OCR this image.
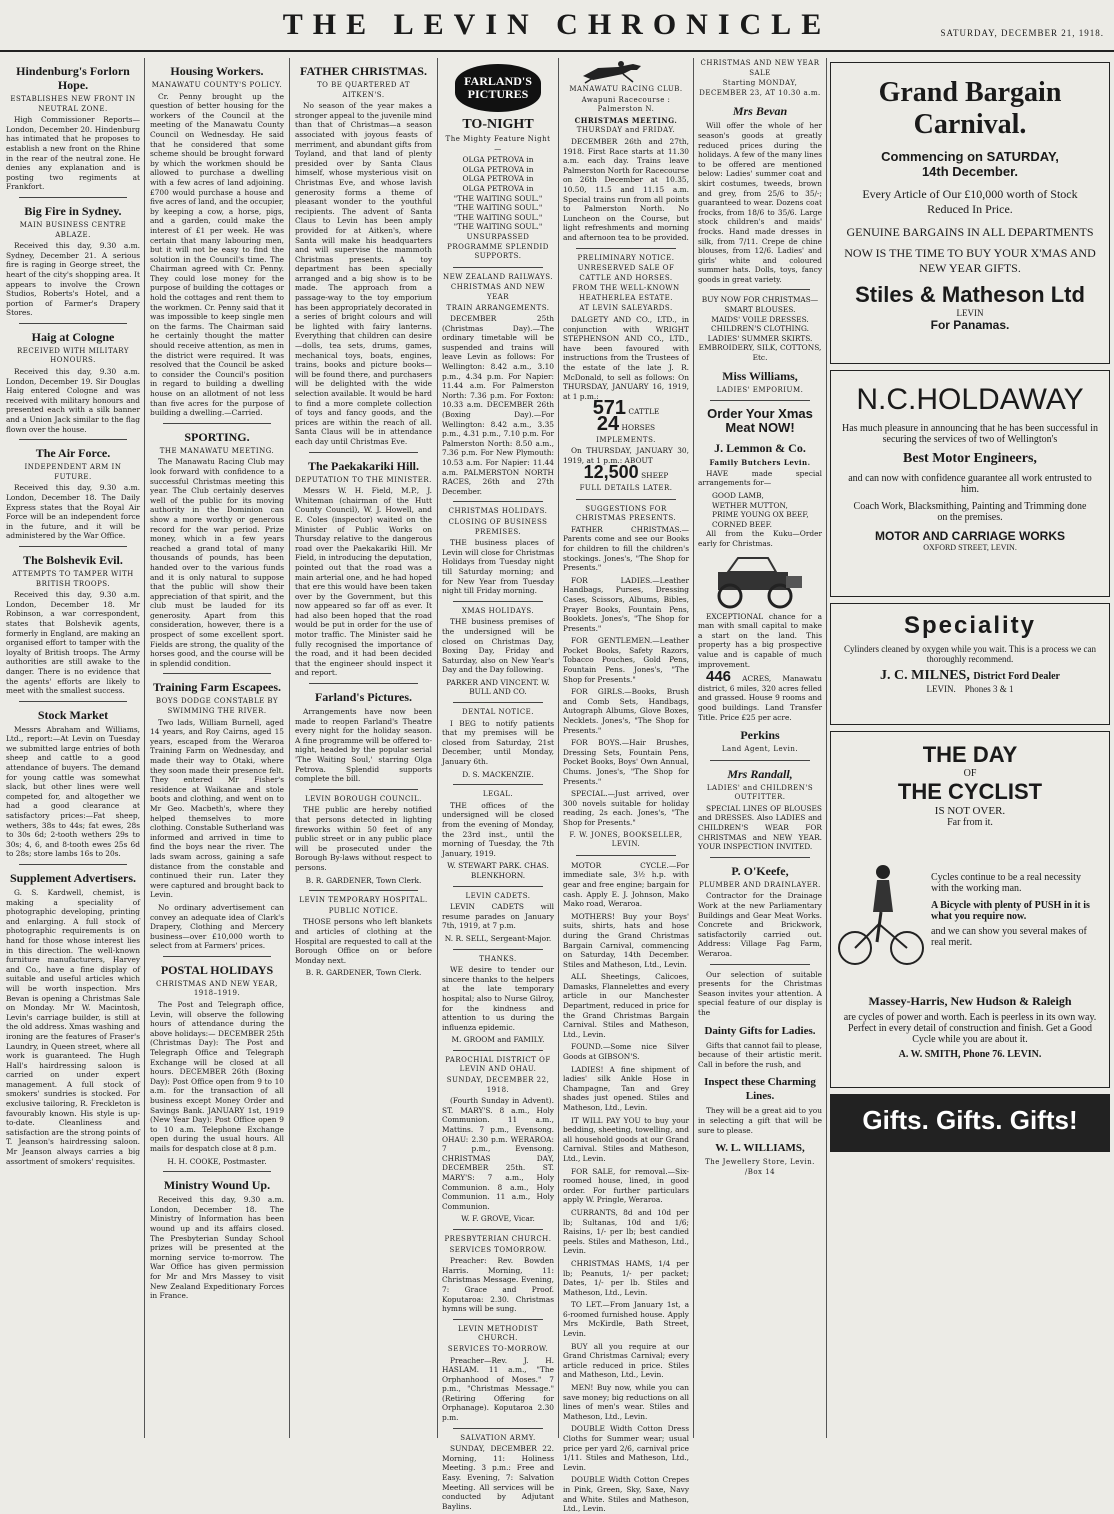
THE LEVIN CHRONICLE	SATURDAY, DECEMBER 21, 1918.
Hindenburg's Forlorn Hope.
ESTABLISHES NEW FRONT IN NEUTRAL ZONE.
High Commissioner Reports— London, December 20. Hindenburg has intimated that he proposes to establish a new front on the Rhine in the rear of the neutral zone. He denies any explanation and is posting two regiments at Frankfort.
Big Fire in Sydney.
MAIN BUSINESS CENTRE ABLAZE.
Received this day, 9.30 a.m. Sydney, December 21. A serious fire is raging in George street, the heart of the city's shopping area. It appears to involve the Crown Studios, Roberts's Hotel, and a portion of Farmer's Drapery Stores.
Haig at Cologne
RECEIVED WITH MILITARY HONOURS.
Received this day, 9.30 a.m. London, December 19. Sir Douglas Haig entered Cologne and was received with military honours and presented each with a silk banner and a Union Jack similar to the flag flown over the house.
The Air Force.
INDEPENDENT ARM IN FUTURE.
Received this day, 9.30 a.m. London, December 18. The Daily Express states that the Royal Air Force will be an independent force in the future, and it will be administered by the War Office.
The Bolshevik Evil.
ATTEMPTS TO TAMPER WITH BRITISH TROOPS.
Received this day, 9.30 a.m. London, December 18. Mr Robinson, a war correspondent, states that Bolshevik agents, formerly in England, are making an organised effort to tamper with the loyalty of British troops. The Army authorities are still awake to the danger. There is no evidence that the agents' efforts are likely to meet with the smallest success.
Stock Market
Messrs Abraham and Williams, Ltd., report:—At Levin on Tuesday we submitted large entries of both sheep and cattle to a good attendance of buyers. The demand for young cattle was somewhat slack, but other lines were well competed for, and altogether we had a good clearance at satisfactory prices:—Fat sheep, wethers, 38s to 44s; fat ewes, 28s to 30s 6d; 2-tooth wethers 29s to 30s; 4, 6, and 8-tooth ewes 25s 6d to 28s; store lambs 16s to 20s.
Supplement Advertisers.
G. S. Kardwell, chemist, is making a speciality of photographic developing, printing and enlarging. A full stock of photographic requirements is on hand for those whose interest lies in this direction. The well-known furniture manufacturers, Harvey and Co., have a fine display of suitable and useful articles which will be worth inspection. Mrs Bevan is opening a Christmas Sale on Monday. Mr W. Macintosh, Levin's carriage builder, is still at the old address. Xmas washing and ironing are the features of Fraser's Laundry, in Queen street, where all work is guaranteed. The Hugh Hall's hairdressing saloon is carried on under expert management. A full stock of smokers' sundries is stocked. For exclusive tailoring, R. Freckleton is favourably known. His style is up-to-date. Cleanliness and satisfaction are the strong points of T. Jeanson's hairdressing saloon. Mr Jeanson always carries a big assortment of smokers' requisites.
Housing Workers.
MANAWATU COUNTY'S POLICY.
Cr. Penny brought up the question of better housing for the workers of the Council at the meeting of the Manawatu County Council on Wednesday. He said that he considered that some scheme should be brought forward by which the workmen should be allowed to purchase a dwelling with a few acres of land adjoining. £700 would purchase a house and five acres of land, and the occupier, by keeping a cow, a horse, pigs, and a garden, could make the interest of £1 per week. He was certain that many labouring men, but it will not be easy to find the solution in the Council's time. The Chairman agreed with Cr. Penny. They could lose money for the purpose of building the cottages or hold the cottages and rent them to the workmen. Cr. Penny said that it was impossible to keep single men on the farms. The Chairman said he certainly thought the matter should receive attention, as men in the district were required. It was resolved that the Council be asked to consider the Council's position in regard to building a dwelling house on an allotment of not less than five acres for the purpose of building a dwelling.—Carried.
SPORTING.
THE MANAWATU MEETING.
The Manawatu Racing Club may look forward with confidence to a successful Christmas meeting this year. The Club certainly deserves well of the public for its moving authority in the Dominion can show a more worthy or generous record for the war period. Prize money, which in a few years reached a grand total of many thousands of pounds, has been handed over to the various funds and it is only natural to suppose that the public will show their appreciation of that spirit, and the club must be lauded for its generosity. Apart from this consideration, however, there is a prospect of some excellent sport. Fields are strong, the quality of the horses good, and the course will be in splendid condition.
Training Farm Escapees.
BOYS DODGE CONSTABLE BY SWIMMING THE RIVER.
Two lads, William Burnell, aged 14 years, and Roy Cairns, aged 15 years, escaped from the Weraroa Training Farm on Wednesday, and made their way to Otaki, where they soon made their presence felt. They entered Mr Fisher's residence at Waikanae and stole boots and clothing, and went on to Mr Geo. Macbeth's, where they helped themselves to more clothing. Constable Sutherland was informed and arrived in time to find the boys near the river. The lads swam across, gaining a safe distance from the constable and continued their run. Later they were captured and brought back to Levin.
No ordinary advertisement can convey an adequate idea of Clark's Drapery, Clothing and Mercery business—over £10,000 worth to select from at Farmers' prices.
POSTAL HOLIDAYS
CHRISTMAS AND NEW YEAR, 1918–1919.
The Post and Telegraph office, Levin, will observe the following hours of attendance during the above holidays:— DECEMBER 25th (Christmas Day): The Post and Telegraph Office and Telegraph Exchange will be closed at all hours. DECEMBER 26th (Boxing Day): Post Office open from 9 to 10 a.m. for the transaction of all business except Money Order and Savings Bank. JANUARY 1st, 1919 (New Year Day): Post Office open 9 to 10 a.m. Telephone Exchange open during the usual hours. All mails for despatch close at 8 p.m.
H. H. COOKE, Postmaster.
Ministry Wound Up.
Received this day, 9.30 a.m. London, December 18. The Ministry of Information has been wound up and its affairs closed. The Presbyterian Sunday School prizes will be presented at the morning service to-morrow. The War Office has given permission for Mr and Mrs Massey to visit New Zealand Expeditionary Forces in France.
FATHER CHRISTMAS.
TO BE QUARTERED AT AITKEN'S.
No season of the year makes a stronger appeal to the juvenile mind than that of Christmas—a season associated with joyous feasts of merriment, and abundant gifts from Toyland, and that land of plenty presided over by Santa Claus himself, whose mysterious visit on Christmas Eve, and whose lavish generosity forms a theme of pleasant wonder to the youthful recipients. The advent of Santa Claus to Levin has been amply provided for at Aitken's, where Santa will make his headquarters and will supervise the mammoth Christmas presents. A toy department has been specially arranged and a big show is to be made. The approach from a passage-way to the toy emporium has been appropriately decorated in a series of bright colours and will be lighted with fairy lanterns. Everything that children can desire—dolls, tea sets, drums, games, mechanical toys, boats, engines, trains, books and picture books—will be found there, and purchasers will be delighted with the wide selection available. It would be hard to find a more complete collection of toys and fancy goods, and the prices are within the reach of all. Santa Claus will be in attendance each day until Christmas Eve.
The Paekakariki Hill.
DEPUTATION TO THE MINISTER.
Messrs W. H. Field, M.P., J. Whiteman (chairman of the Hutt County Council), W. J. Howell, and E. Coles (inspector) waited on the Minister of Public Works on Thursday relative to the dangerous road over the Paekakariki Hill. Mr Field, in introducing the deputation, pointed out that the road was a main arterial one, and he had hoped that ere this would have been taken over by the Government, but this now appeared so far off as ever. It had also been hoped that the road would be put in order for the use of motor traffic. The Minister said he fully recognised the importance of the road, and it had been decided that the engineer should inspect it and report.
Farland's Pictures.
Arrangements have now been made to reopen Farland's Theatre every night for the holiday season. A fine programme will be offered to-night, headed by the popular serial 'The Waiting Soul,' starring Olga Petrova. Splendid supports complete the bill.
LEVIN BOROUGH COUNCIL.
THE public are hereby notified that persons detected in lighting fireworks within 50 feet of any public street or in any public place will be prosecuted under the Borough By-laws without respect to persons.
B. R. GARDENER, Town Clerk.
LEVIN TEMPORARY HOSPITAL.
PUBLIC NOTICE.
THOSE persons who left blankets and articles of clothing at the Hospital are requested to call at the Borough Office on or before Monday next.
B. R. GARDENER, Town Clerk.
FARLAND'S
PICTURES
TO-NIGHT
The Mighty Feature Night—
OLGA PETROVA in
OLGA PETROVA in
OLGA PETROVA in
OLGA PETROVA in
"THE WAITING SOUL."
"THE WAITING SOUL."
"THE WAITING SOUL."
"THE WAITING SOUL."
UNSURPASSED PROGRAMME SPLENDID SUPPORTS.
NEW ZEALAND RAILWAYS.
CHRISTMAS AND NEW YEAR
TRAIN ARRANGEMENTS.
DECEMBER 25th (Christmas Day).—The ordinary timetable will be suspended and trains will leave Levin as follows: For Wellington: 8.42 a.m., 3.10 p.m., 4.34 p.m. For Napier: 11.44 a.m. For Palmerston North: 7.36 p.m. For Foxton: 10.33 a.m. DECEMBER 26th (Boxing Day).—For Wellington: 8.42 a.m., 3.35 p.m., 4.31 p.m., 7.10 p.m. For Palmerston North: 8.50 a.m., 7.36 p.m. For New Plymouth: 10.53 a.m. For Napier: 11.44 a.m. PALMERSTON NORTH RACES, 26th and 27th December.
CHRISTMAS HOLIDAYS.
CLOSING OF BUSINESS PREMISES.
THE business places of Levin will close for Christmas Holidays from Tuesday night till Saturday morning; and for New Year from Tuesday night till Friday morning.
XMAS HOLIDAYS.
THE business premises of the undersigned will be closed on Christmas Day, Boxing Day, Friday and Saturday, also on New Year's Day and the Day following.
PARKER AND VINCENT. W. BULL AND CO.
DENTAL NOTICE.
I BEG to notify patients that my premises will be closed from Saturday, 21st December, until Monday, January 6th.
D. S. MACKENZIE.
LEGAL.
THE offices of the undersigned will be closed from the evening of Monday, the 23rd inst., until the morning of Tuesday, the 7th January, 1919.
W. STEWART PARK. CHAS. BLENKHORN.
LEVIN CADETS.
LEVIN CADETS will resume parades on January 7th, 1919, at 7 p.m.
N. R. SELL, Sergeant-Major.
THANKS.
WE desire to tender our sincere thanks to the helpers at the late temporary hospital; also to Nurse Gilroy, for the kindness and attention to us during the influenza epidemic.
M. GROOM and FAMILY.
PAROCHIAL DISTRICT OF LEVIN AND OHAU.
SUNDAY, DECEMBER 22, 1918.
(Fourth Sunday in Advent). ST. MARY'S. 8 a.m., Holy Communion. 11 a.m., Mattins. 7 p.m., Evensong. OHAU: 2.30 p.m. WERAROA: 7 p.m., Evensong. CHRISTMAS DAY, DECEMBER 25th. ST. MARY'S: 7 a.m., Holy Communion. 8 a.m., Holy Communion. 11 a.m., Holy Communion.
W. F. GROVE, Vicar.
PRESBYTERIAN CHURCH.
SERVICES TOMORROW.
Preacher: Rev. Bowden Harris. Morning, 11: Christmas Message. Evening, 7: Grace and Proof. Koputaroa: 2.30. Christmas hymns will be sung.
LEVIN METHODIST CHURCH.
SERVICES TO-MORROW.
Preacher—Rev. J. H. HASLAM. 11 a.m., "The Orphanhood of Moses." 7 p.m., "Christmas Message." (Retiring Offering for Orphanage). Koputaroa 2.30 p.m.
SALVATION ARMY.
SUNDAY, DECEMBER 22. Morning, 11: Holiness Meeting. 3 p.m.: Free and Easy. Evening, 7: Salvation Meeting. All services will be conducted by Adjutant Baylins.
MANAWATU RACING CLUB.
Awapuni Racecourse : Palmerston N.
CHRISTMAS MEETING.
THURSDAY and FRIDAY.
DECEMBER 26th and 27th, 1918. First Race starts at 11.30 a.m. each day. Trains leave Palmerston North for Racecourse on 26th December at 10.35, 10.50, 11.5 and 11.15 a.m. Special trains run from all points to Palmerston North. No Luncheon on the Course, but light refreshments and morning and afternoon tea to be provided.
PRELIMINARY NOTICE.
UNRESERVED SALE OF CATTLE AND HORSES.
FROM THE WELL-KNOWN HEATHERLEA ESTATE.
AT LEVIN SALEYARDS.
DALGETY AND CO., LTD., in conjunction with WRIGHT STEPHENSON AND CO., LTD., have been favoured with instructions from the Trustees of the estate of the late J. R. McDonald, to sell as follows: On THURSDAY, JANUARY 16, 1919, at 1 p.m.:
571 CATTLE
24 HORSES
IMPLEMENTS.
On THURSDAY, JANUARY 30, 1919, at 1 p.m.: ABOUT
12,500 SHEEP
FULL DETAILS LATER.
SUGGESTIONS FOR CHRISTMAS PRESENTS.
FATHER CHRISTMAS.—Parents come and see our Books for children to fill the children's stockings. Jones's, "The Shop for Presents."
FOR LADIES.—Leather Handbags, Purses, Dressing Cases, Scissors, Albums, Bibles, Prayer Books, Fountain Pens, Booklets. Jones's, "The Shop for Presents."
FOR GENTLEMEN.—Leather Pocket Books, Safety Razors, Tobacco Pouches, Gold Pens, Fountain Pens. Jones's, "The Shop for Presents."
FOR GIRLS.—Books, Brush and Comb Sets, Handbags, Autograph Albums, Glove Boxes, Necklets. Jones's, "The Shop for Presents."
FOR BOYS.—Hair Brushes, Dressing Sets, Fountain Pens, Pocket Books, Boys' Own Annual, Chums. Jones's, "The Shop for Presents."
SPECIAL.—Just arrived, over 300 novels suitable for holiday reading, 2s each. Jones's, "The Shop for Presents."
F. W. JONES, BOOKSELLER, LEVIN.
MOTOR CYCLE.—For immediate sale, 3½ h.p. with gear and free engine; bargain for cash. Apply E. J. Johnson, Mako Mako road, Weraroa.
MOTHERS! Buy your Boys' suits, shirts, hats and hose during the Grand Christmas Bargain Carnival, commencing on Saturday, 14th December. Stiles and Matheson, Ltd., Levin.
ALL Sheetings, Calicoes, Damasks, Flannelettes and every article in our Manchester Department, reduced in price for the Grand Christmas Bargain Carnival. Stiles and Matheson, Ltd., Levin.
FOUND.—Some nice Silver Goods at GIBSON'S.
LADIES! A fine shipment of ladies' silk Ankle Hose in Champagne, Tan and Grey shades just opened. Stiles and Matheson, Ltd., Levin.
IT WILL PAY YOU to buy your bedding, sheeting, towelling, and all household goods at our Grand Carnival. Stiles and Matheson, Ltd., Levin.
FOR SALE, for removal.—Six-roomed house, lined, in good order. For further particulars apply W. Pringle, Weraroa.
CURRANTS, 8d and 10d per lb; Sultanas, 10d and 1/6; Raisins, 1/- per lb; best candied peels. Stiles and Matheson, Ltd., Levin.
CHRISTMAS HAMS, 1/4 per lb; Peanuts, 1/- per packet; Dates, 1/- per lb. Stiles and Matheson, Ltd., Levin.
TO LET.—From January 1st, a 6-roomed furnished house. Apply Mrs McKirdle, Bath Street, Levin.
BUY all you require at our Grand Christmas Carnival; every article reduced in price. Stiles and Matheson, Ltd., Levin.
MEN! Buy now, while you can save money; big reductions on all lines of men's wear. Stiles and Matheson, Ltd., Levin.
DOUBLE Width Cotton Dress Cloths for Summer wear; usual price per yard 2/6, carnival price 1/11. Stiles and Matheson, Ltd., Levin.
DOUBLE Width Cotton Crepes in Pink, Green, Sky, Saxe, Navy and White. Stiles and Matheson, Ltd., Levin.
CHRISTMAS AND NEW YEAR SALE
Starting MONDAY, DECEMBER 23, AT 10.30 a.m.
Mrs Bevan
Will offer the whole of her season's goods at greatly reduced prices during the holidays. A few of the many lines to be offered are mentioned below: Ladies' summer coat and skirt costumes, tweeds, brown and grey, from 25/6 to 35/-; guaranteed to wear. Dozens coat frocks, from 18/6 to 35/6. Large stock children's and maids' frocks. Hand made dresses in silk, from 7/11. Crepe de chine blouses, from 12/6. Ladies' and girls' white and coloured summer hats. Dolls, toys, fancy goods in great variety.
BUY NOW FOR CHRISTMAS—
SMART BLOUSES.
MAIDS' VOILE DRESSES.
CHILDREN'S CLOTHING.
LADIES' SUMMER SKIRTS.
EMBROIDERY, SILK, COTTONS, Etc.
Miss Williams,
LADIES' EMPORIUM.
Order Your Xmas Meat NOW!
J. Lemmon & Co.
Family Butchers Levin.
HAVE made special arrangements for—
GOOD LAMB,
WETHER MUTTON,
PRIME YOUNG OX BEEF,
CORNED BEEF.
All from the Kuku—Order early for Christmas.
EXCEPTIONAL chance for a man with small capital to make a start on the land. This property has a big prospective value and is capable of much improvement.
446 ACRES, Manawatu district, 6 miles, 320 acres felled and grassed. House 9 rooms and good buildings. Land Transfer Title. Price £25 per acre.
Perkins
Land Agent, Levin.
Mrs Randall,
LADIES' and CHILDREN'S OUTFITTER.
SPECIAL LINES OF BLOUSES and DRESSES. Also LADIES and CHILDREN'S WEAR FOR CHRISTMAS and NEW YEAR. YOUR INSPECTION INVITED.
P. O'Keefe,
PLUMBER AND DRAINLAYER.
Contractor for the Drainage Work at the new Parliamentary Buildings and Gear Meat Works. Concrete and Brickwork, satisfactorily carried out. Address: Village Fag Farm, Weraroa.
Our selection of suitable presents for the Christmas Season invites your attention. A special feature of our display is the
Dainty Gifts for Ladies.
Gifts that cannot fail to please, because of their artistic merit. Call in before the rush, and
Inspect these Charming Lines.
They will be a great aid to you in selecting a gift that will be sure to please.
W. L. WILLIAMS,
The Jewellery Store, Levin. /Box 14
Grand Bargain
Carnival.
Commencing on SATURDAY,
14th December.
Every Article of Our £10,000 worth of Stock Reduced In Price.
GENUINE BARGAINS IN ALL DEPARTMENTS
NOW IS THE TIME TO BUY YOUR X'MAS AND NEW YEAR GIFTS.
Stiles & Matheson Ltd
LEVIN
For Panamas.
N.C.HOLDAWAY
Has much pleasure in announcing that he has been successful in securing the services of two of Wellington's
Best Motor Engineers,
and can now with confidence guarantee all work entrusted to him.
Coach Work, Blacksmithing, Painting and Trimming done on the premises.
MOTOR AND CARRIAGE WORKS
OXFORD STREET, LEVIN.
Speciality
Cylinders cleaned by oxygen while you wait. This is a process we can thoroughly recommend.
J. C. MILNES, District Ford Dealer
LEVIN. Phones 3 & 1
THE DAY
OF
THE CYCLIST
IS NOT OVER.
Far from it.
Cycles continue to be a real necessity with the working man.
A Bicycle with plenty of PUSH in it is what you require now.
and we can show you several makes of real merit.
Massey-Harris, New Hudson & Raleigh
are cycles of power and worth. Each is peerless in its own way. Perfect in every detail of construction and finish. Get a Good Cycle while you are about it.
A. W. SMITH, Phone 76. LEVIN.
Gifts. Gifts. Gifts!
